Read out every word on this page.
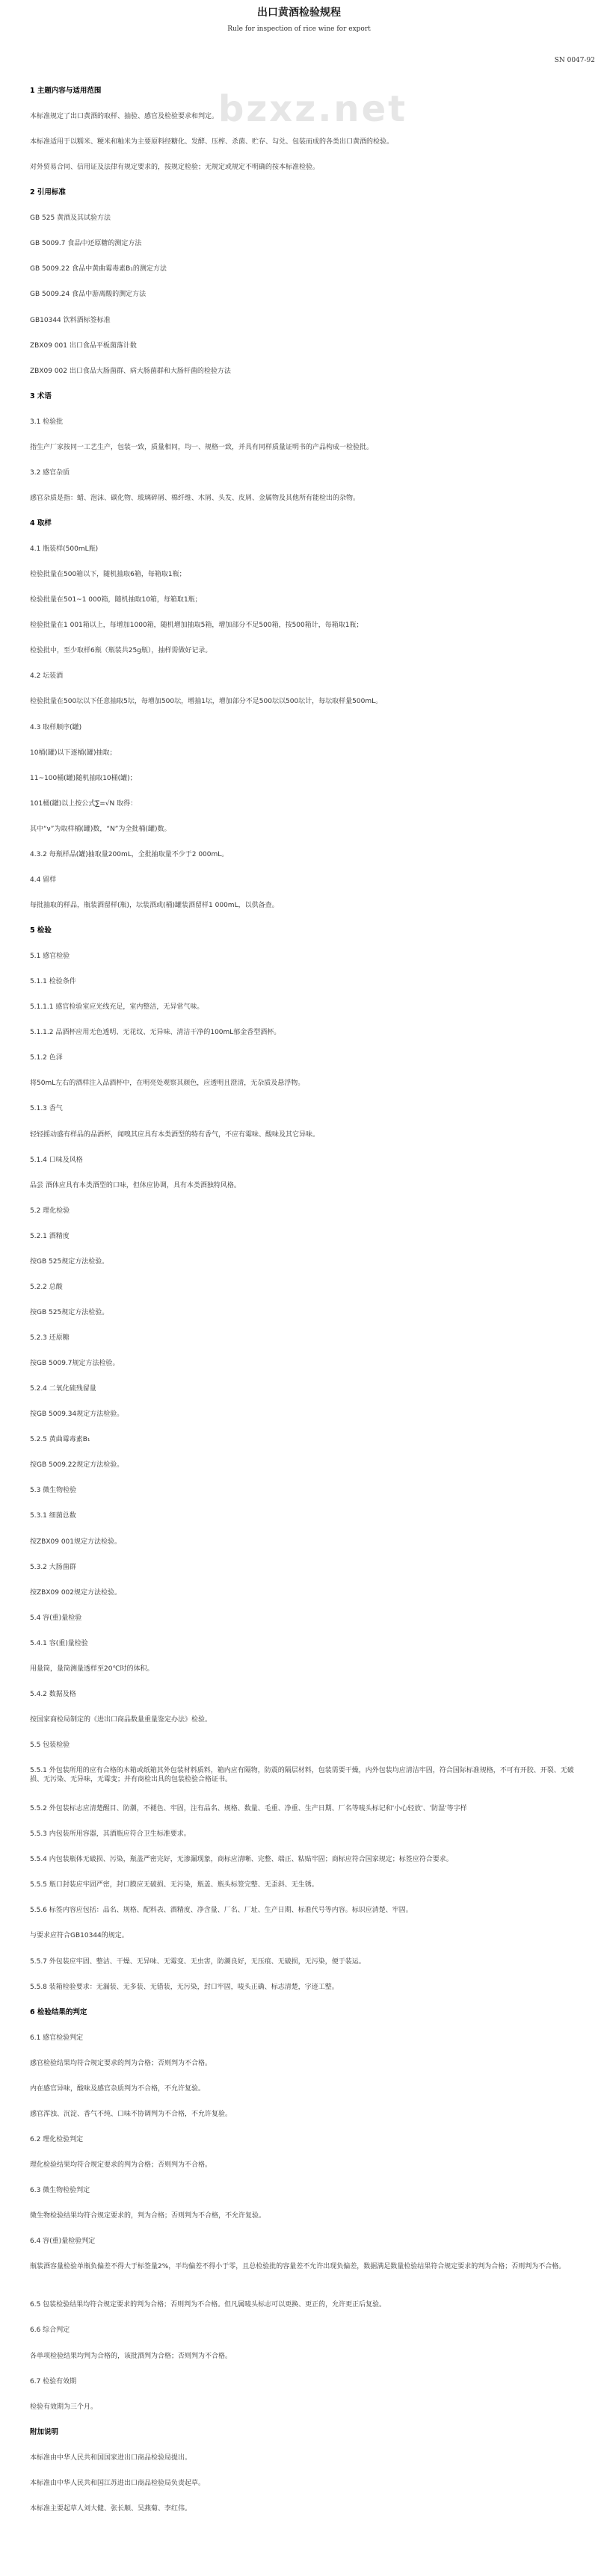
出口黄酒检验规程
Rule for inspection of rice wine for export
SN 0047-92
bzxz.net
1 主题内容与适用范围
本标准规定了出口黄酒的取样、抽验、感官及检验要求和判定。
本标准适用于以糯米、粳米和籼米为主要原料经糖化、发酵、压榨、杀菌、贮存、勾兑、包装而成的各类出口黄酒的检验。
对外贸易合同、信用证及法律有规定要求的，按规定检验；无规定或规定不明确的按本标准检验。
2 引用标准
GB 525 黄酒及其试验方法
GB 5009.7 食品中还原糖的测定方法
GB 5009.22 食品中黄曲霉毒素B₁的测定方法
GB 5009.24 食品中游离酸的测定方法
GB10344 饮料酒标签标准
ZBX09 001 出口食品平板菌落计数
ZBX09 002 出口食品大肠菌群、病大肠菌群和大肠杆菌的检验方法
3 术语
3.1 检验批
指生产厂家按同一工艺生产，包装一致，质量相同，均一、规格一致，并具有同样质量证明书的产品构成一检验批。
3.2 感官杂质
感官杂质是指：蜡、泡沫、碳化物、玻璃碎屑、棉纤维、木屑、头发、皮屑、金属物及其他所有能检出的杂物。
4 取样
4.1 瓶装样(500mL瓶)
检验批量在500箱以下，随机抽取6箱，每箱取1瓶；
检验批量在501~1 000箱，随机抽取10箱，每箱取1瓶；
检验批量在1 001箱以上，每增加1000箱，随机增加抽取5箱，增加部分不足500箱，按500箱计，每箱取1瓶；
检验批中，至少取样6瓶（瓶装共25g瓶），抽样需做好记录。
4.2 坛装酒
检验批量在500坛以下任意抽取5坛，每增加500坛，增抽1坛，增加部分不足500坛以500坛计，每坛取样量500mL。
4.3 取样顺序(罐)
10桶(罐)以下逐桶(罐)抽取；
11~100桶(罐)随机抽取10桶(罐)；
101桶(罐)以上按公式∑=√N 取得：
其中“ν”为取样桶(罐)数，“N”为全批桶(罐)数。
4.3.2 每瓶样品(罐)抽取量200mL，全批抽取量不少于2 000mL。
4.4 留样
每批抽取的样品，瓶装酒留样(瓶)，坛装酒或(桶)罐装酒留样1 000mL，以供备查。
5 检验
5.1 感官检验
5.1.1 检验条件
5.1.1.1 感官检验室应光线充足，室内整洁，无异常气味。
5.1.1.2 品酒杯应用无色透明、无花纹、无异味、清洁干净的100mL郁金香型酒杯。
5.1.2 色泽
将50mL左右的酒样注入品酒杯中，在明亮处观察其颜色，应透明且澄清，无杂质及悬浮物。
5.1.3 香气
轻轻摇动盛有样品的品酒杯，闻嗅其应具有本类酒型的特有香气，不应有霉味、酸味及其它异味。
5.1.4 口味及风格
品尝 酒体应具有本类酒型的口味，但体应协调，具有本类酒独特风格。
5.2 理化检验
5.2.1 酒精度
按GB 525规定方法检验。
5.2.2 总酸
按GB 525规定方法检验。
5.2.3 还原糖
按GB 5009.7规定方法检验。
5.2.4 二氧化硫残留量
按GB 5009.34规定方法检验。
5.2.5 黄曲霉毒素B₁
按GB 5009.22规定方法检验。
5.3 微生物检验
5.3.1 细菌总数
按ZBX09 001规定方法检验。
5.3.2 大肠菌群
按ZBX09 002规定方法检验。
5.4 容(重)量检验
5.4.1 容(重)量检验
用量筒，量筒测量透样至20℃时的体积。
5.4.2 数据及格
按国家商检局制定的《进出口商品数量重量鉴定办法》检验。
5.5 包装检验
5.5.1 外包装所用的应有合格的木箱或纸箱其外包装材料质料，箱内应有隔物，防震的隔层材料，包装需要干燥，内外包装均应清洁牢固，符合国际标准规格，不可有开胶、开裂、无破损、无污染、无异味，无霉变；并有商检出具的包装检验合格证书。
5.5.2 外包装标志应清楚醒目、防潮，不褪色、牢固，注有品名、规格、数量、毛重、净重、生产日期、厂名等唛头标记和'小心轻放'、'防湿'等字样
5.5.3 内包装所用容器，其酒瓶应符合卫生标准要求。
5.5.4 内包装瓶体无破损、污染，瓶盖严密完好，无渗漏现象，商标应清晰、完整、端正、粘贴牢固；商标应符合国家规定；标签应符合要求。
5.5.5 瓶口封装应牢固严密，封口膜应无破损、无污染，瓶盖、瓶头标签完整、无歪斜、无生锈。
5.5.6 标签内容应包括：品名、规格、配料表、酒精度、净含量、厂名、厂址、生产日期、标准代号等内容。标识应清楚、牢固。
与要求应符合GB10344的规定。
5.5.7 外包装应牢固、整洁、干燥、无异味、无霉变、无虫害，防潮良好，无压痕、无破损，无污染，便于装运。
5.5.8 装箱检验要求：无漏装、无多装、无错装，无污染，封口牢固，唛头正确、标志清楚，字迹工整。
6 检验结果的判定
6.1 感官检验判定
感官检验结果均符合规定要求的判为合格；否则判为不合格。
内在感官异味，酸味及感官杂质判为不合格，不允许复验。
感官浑浊、沉淀、香气不纯、口味不协调判为不合格，不允许复验。
6.2 理化检验判定
理化检验结果均符合规定要求的判为合格；否则判为不合格。
6.3 微生物检验判定
微生物检验结果均符合规定要求的，判为合格；否则判为不合格，不允许复验。
6.4 容(重)量检验判定
瓶装酒容量检验单瓶负偏差不得大于标签量2%，平均偏差不得小于零，且总检验批的容量差不允许出现负偏差，数据满足数量检验结果符合规定要求的判为合格；否则判为不合格。
6.5 包装检验结果均符合规定要求的判为合格；否则判为不合格。但凡属唛头标志可以更换、更正的，允许更正后复验。
6.6 综合判定
各单项检验结果均判为合格的，该批酒判为合格；否则判为不合格。
6.7 检验有效期
检验有效期为三个月。
附加说明
本标准由中华人民共和国国家进出口商品检验局提出。
本标准由中华人民共和国江苏进出口商品检验局负责起草。
本标准主要起草人刘大健、张长顺、吴燕菊、李红伟。
